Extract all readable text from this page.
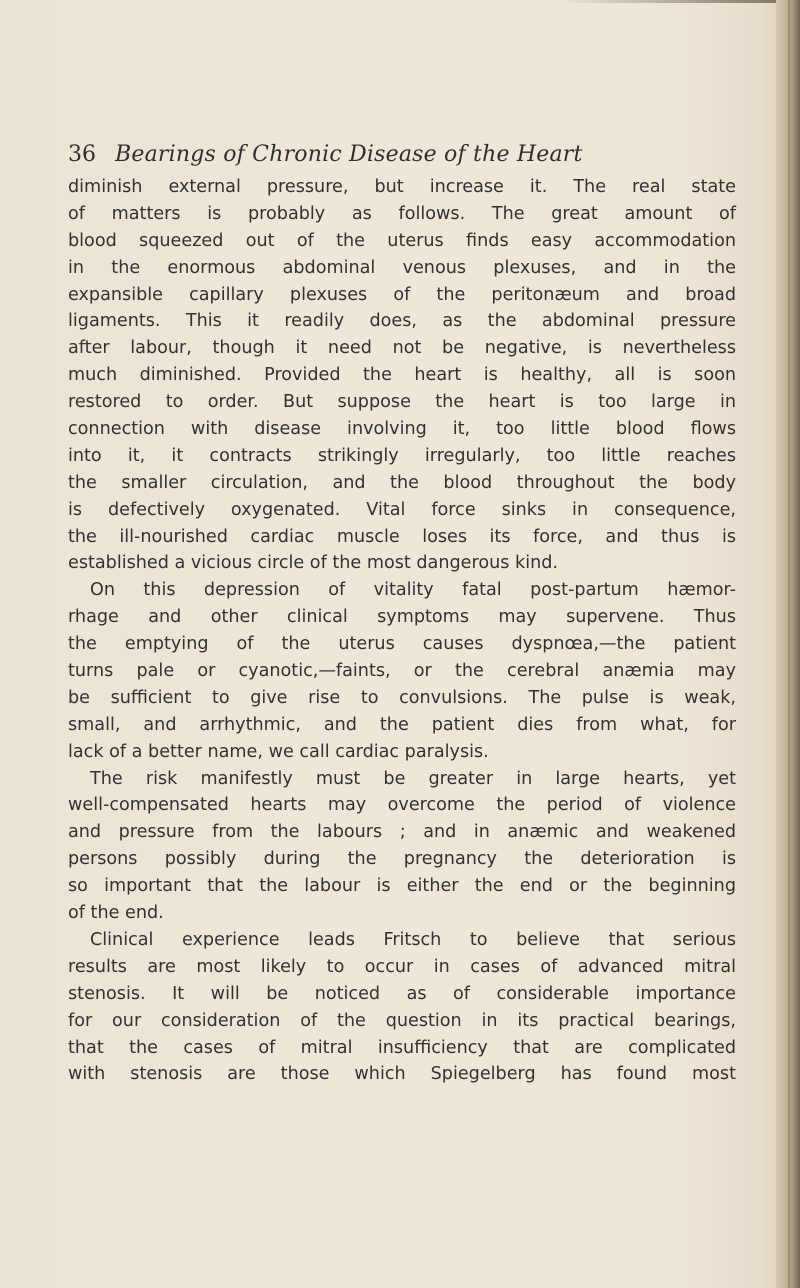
36 Bearings of Chronic Disease of the Heart
diminish external pressure, but increase it. The real state
of matters is probably as follows. The great amount of
blood squeezed out of the uterus finds easy accommodation
in the enormous abdominal venous plexuses, and in the
expansible capillary plexuses of the peritonæum and broad
ligaments. This it readily does, as the abdominal pressure
after labour, though it need not be negative, is nevertheless
much diminished. Provided the heart is healthy, all is soon
restored to order. But suppose the heart is too large in
connection with disease involving it, too little blood flows
into it, it contracts strikingly irregularly, too little reaches
the smaller circulation, and the blood throughout the body
is defectively oxygenated. Vital force sinks in consequence,
the ill-nourished cardiac muscle loses its force, and thus is
established a vicious circle of the most dangerous kind.
On this depression of vitality fatal post-partum hæmor-
rhage and other clinical symptoms may supervene. Thus
the emptying of the uterus causes dyspnœa,—the patient
turns pale or cyanotic,—faints, or the cerebral anæmia may
be sufficient to give rise to convulsions. The pulse is weak,
small, and arrhythmic, and the patient dies from what, for
lack of a better name, we call cardiac paralysis.
The risk manifestly must be greater in large hearts, yet
well-compensated hearts may overcome the period of violence
and pressure from the labours ; and in anæmic and weakened
persons possibly during the pregnancy the deterioration is
so important that the labour is either the end or the beginning
of the end.
Clinical experience leads Fritsch to believe that serious
results are most likely to occur in cases of advanced mitral
stenosis. It will be noticed as of considerable importance
for our consideration of the question in its practical bearings,
that the cases of mitral insufficiency that are complicated
with stenosis are those which Spiegelberg has found most
